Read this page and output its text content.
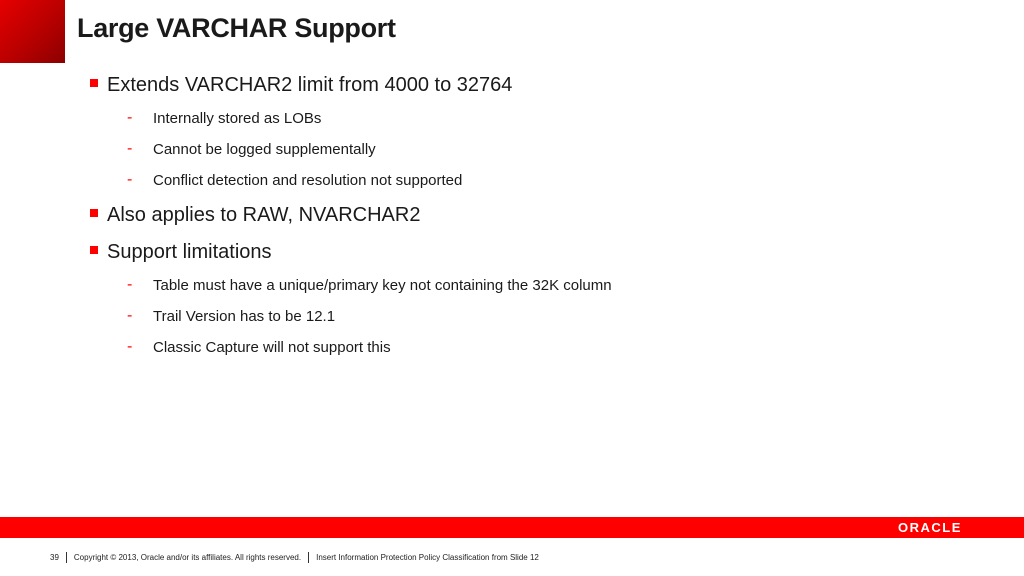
Large VARCHAR Support
Extends VARCHAR2 limit from 4000 to 32764
-	Internally stored as LOBs
-	Cannot be logged supplementally
-	Conflict detection and resolution not supported
Also applies to RAW, NVARCHAR2
Support limitations
-	Table must have a unique/primary key not containing the 32K column
-	Trail Version has to be 12.1
-	Classic Capture will not support this
ORACLE
39 Copyright © 2013, Oracle and/or its affiliates. All rights reserved. Insert Information Protection Policy Classification from Slide 12
